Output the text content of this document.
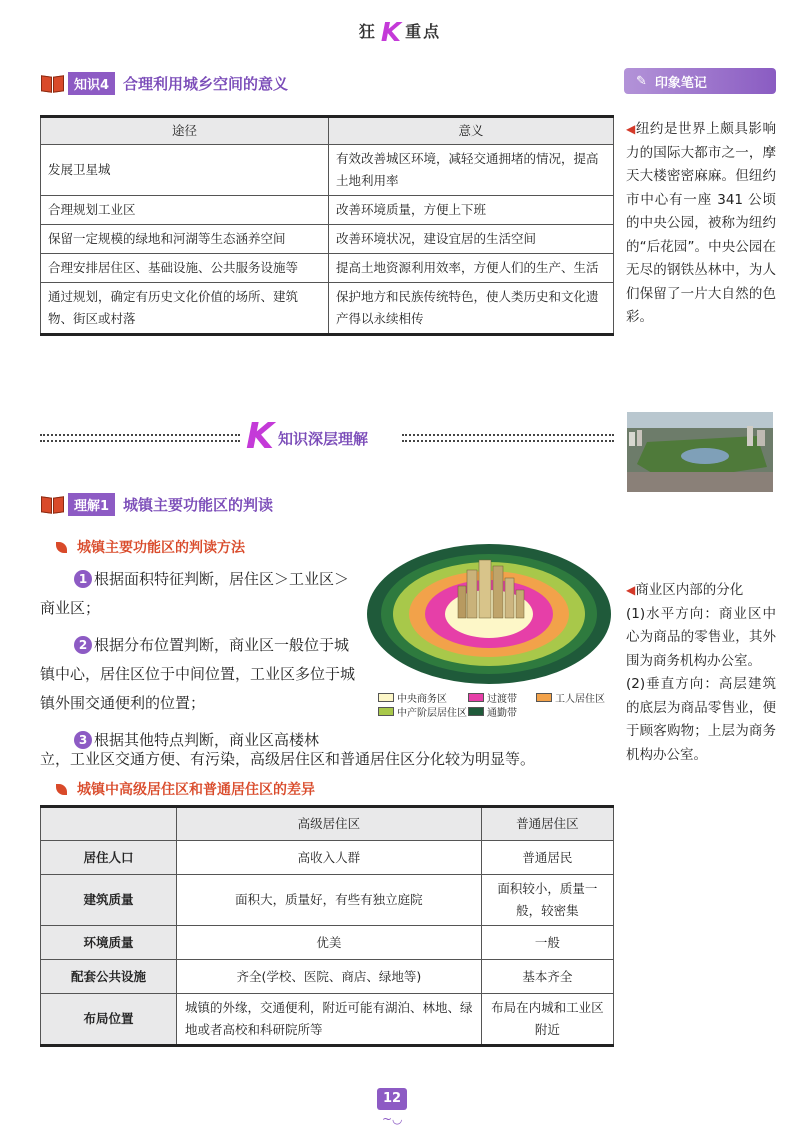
狂 K 重点
知识4 合理利用城乡空间的意义
途径	意义
发展卫星城	有效改善城区环境，减轻交通拥堵的情况，提高土地利用率
合理规划工业区	改善环境质量，方便上下班
保留一定规模的绿地和河湖等生态涵养空间	改善环境状况，建设宜居的生活空间
合理安排居住区、基础设施、公共服务设施等	提高土地资源利用效率，方便人们的生产、生活
通过规划，确定有历史文化价值的场所、建筑物、街区或村落	保护地方和民族传统特色，使人类历史和文化遗产得以永续相传
✎ 印象笔记
◀纽约是世界上颇具影响力的国际大都市之一，摩天大楼密密麻麻。但纽约市中心有一座 341 公顷的中央公园，被称为纽约的“后花园”。中央公园在无尽的钢铁丛林中，为人们保留了一片大自然的色彩。
K 知识深层理解
理解1 城镇主要功能区的判读
城镇主要功能区的判读方法

1 根据面积特征判断，居住区＞工业区＞商业区；

2 根据分布位置判断，商业区一般位于城镇中心，居住区位于中间位置，工业区多位于城镇外围交通便利的位置；

3 根据其他特点判断，商业区高楼林

立，工业区交通方便、有污染，高级居住区和普通居住区分化较为明显等。
中央商务区	过渡带	工人居住区
中产阶层居住区 通勤带
◀商业区内部的分化
(1)水平方向：商业区中心为商品的零售业，其外围为商务机构办公室。
(2)垂直方向：高层建筑的底层为商品零售业，便于顾客购物；上层为商务机构办公室。
城镇中高级居住区和普通居住区的差异
	高级居住区	普通居住区
居住人口	高收入人群	普通居民
建筑质量	面积大，质量好，有些有独立庭院	面积较小，质量一般，较密集
环境质量	优美	一般
配套公共设施	齐全(学校、医院、商店、绿地等)	基本齐全
布局位置	城镇的外缘，交通便利，附近可能有湖泊、林地、绿地或者高校和科研院所等	布局在内城和工业区附近
12
~◡
